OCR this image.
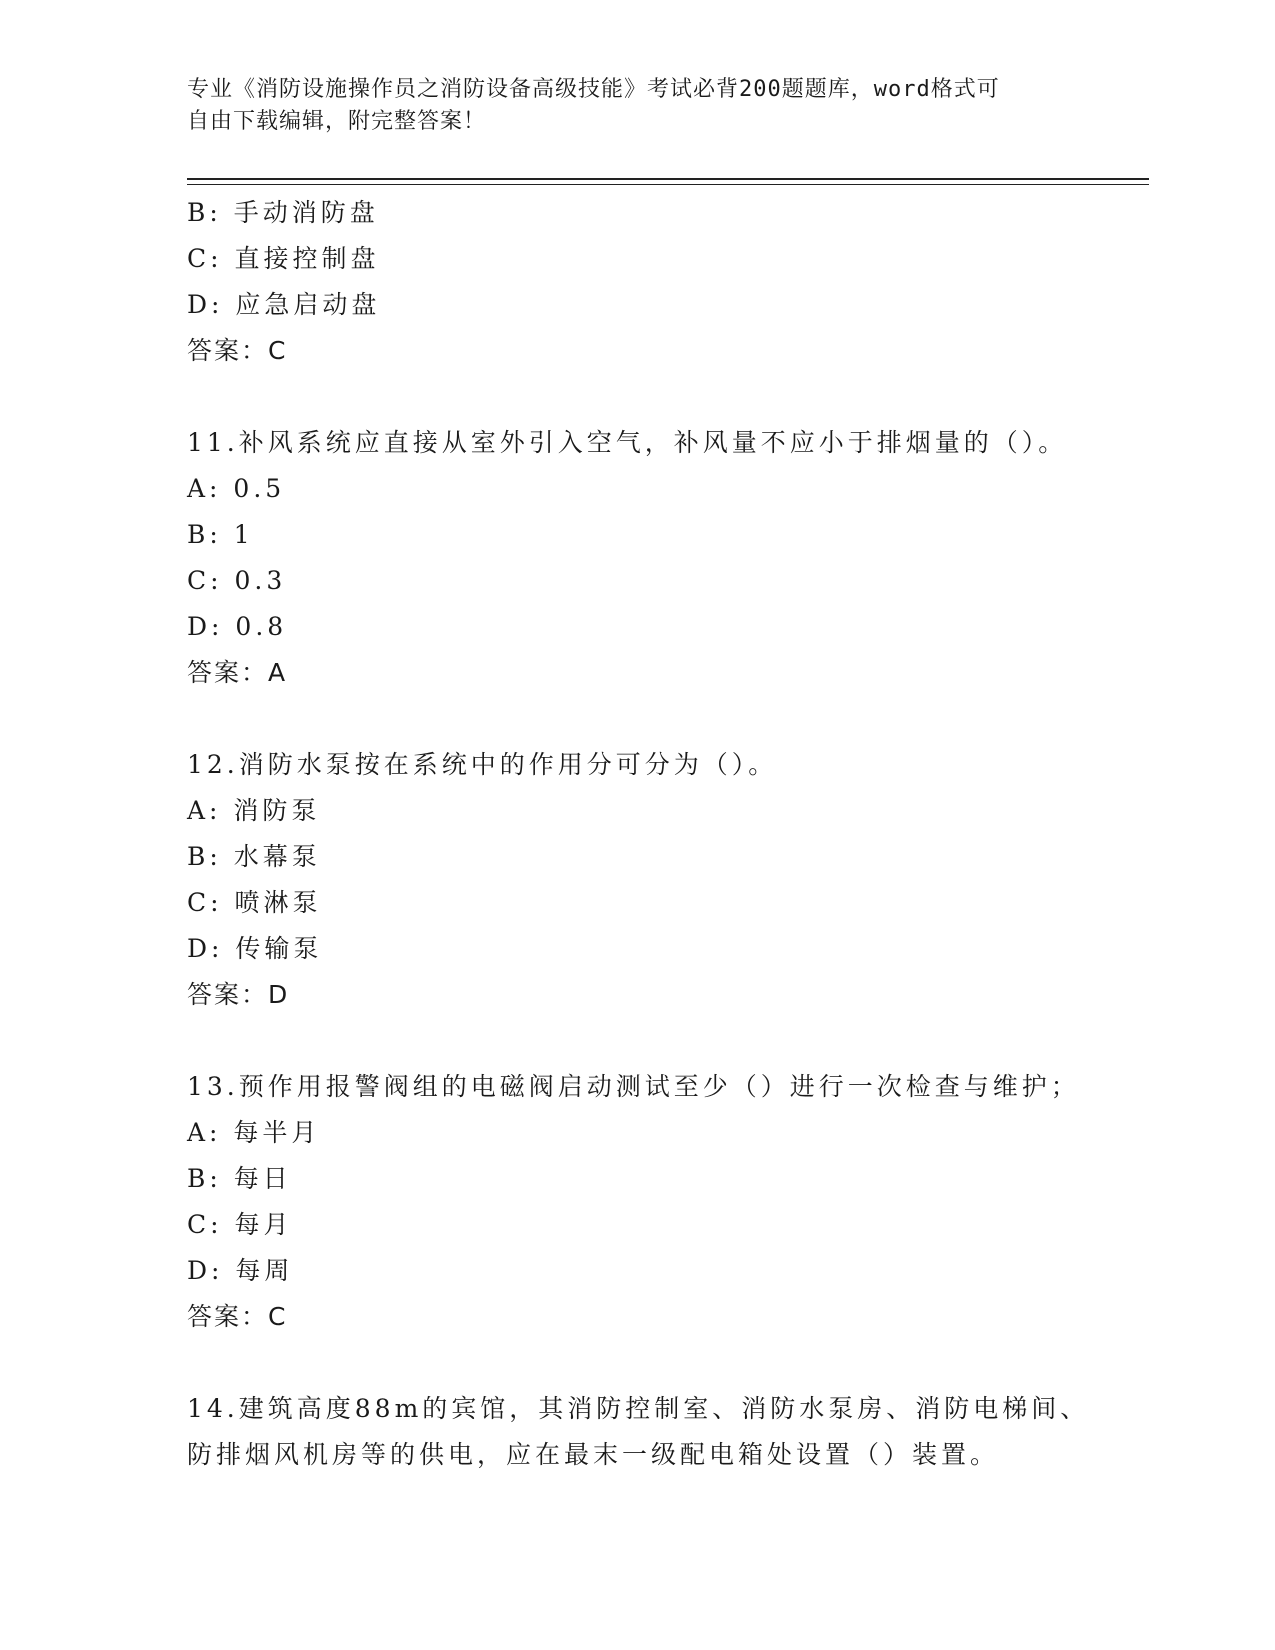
专业《消防设施操作员之消防设备高级技能》考试必背200题题库，word格式可
自由下载编辑，附完整答案！
B: 手动消防盘
C: 直接控制盘
D: 应急启动盘
答案：C
11.补风系统应直接从室外引入空气，补风量不应小于排烟量的（）。
A: 0.5
B: 1
C: 0.3
D: 0.8
答案：A
12.消防水泵按在系统中的作用分可分为（）。
A: 消防泵
B: 水幕泵
C: 喷淋泵
D: 传输泵
答案：D
13.预作用报警阀组的电磁阀启动测试至少（）进行一次检查与维护；
A: 每半月
B: 每日
C: 每月
D: 每周
答案：C
14.建筑高度88m的宾馆，其消防控制室、消防水泵房、消防电梯间、
防排烟风机房等的供电，应在最末一级配电箱处设置（）装置。
